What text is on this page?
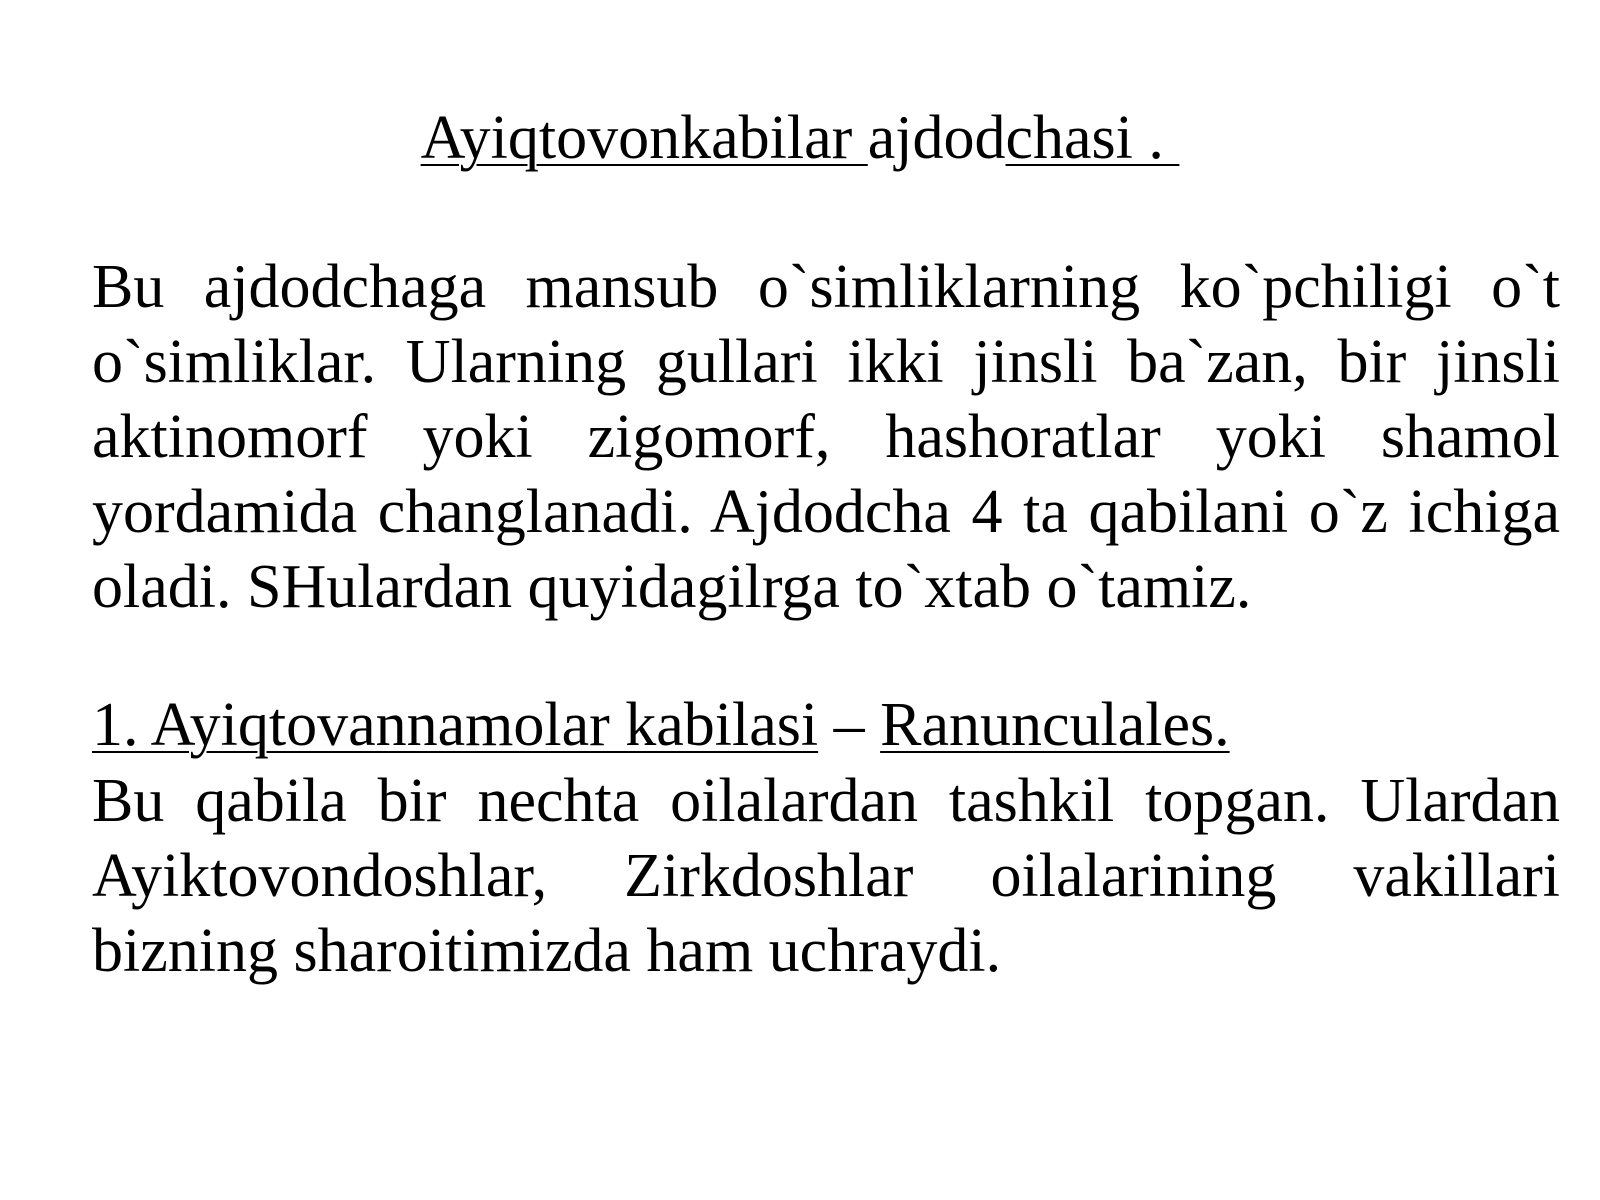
Ayiqtovonkabilar ajdodchasi .

Bu ajdodchaga mansub o`simliklarning ko`pchiligi o`t o`simliklar. Ularning gullari ikki jinsli ba`zan, bir jinsli aktinomorf yoki zigomorf, hashoratlar yoki shamol yordamida changlanadi. Ajdodcha 4 ta qabilani o`z ichiga oladi. SHulardan quyidagilrga to`xtab o`tamiz.

1. Ayiqtovannamolar kabilasi – Ranunculales.

Bu qabila bir nechta oilalardan tashkil topgan. Ulardan Ayiktovondoshlar, Zirkdoshlar oilalarining vakillari bizning sharoitimizda ham uchraydi.
